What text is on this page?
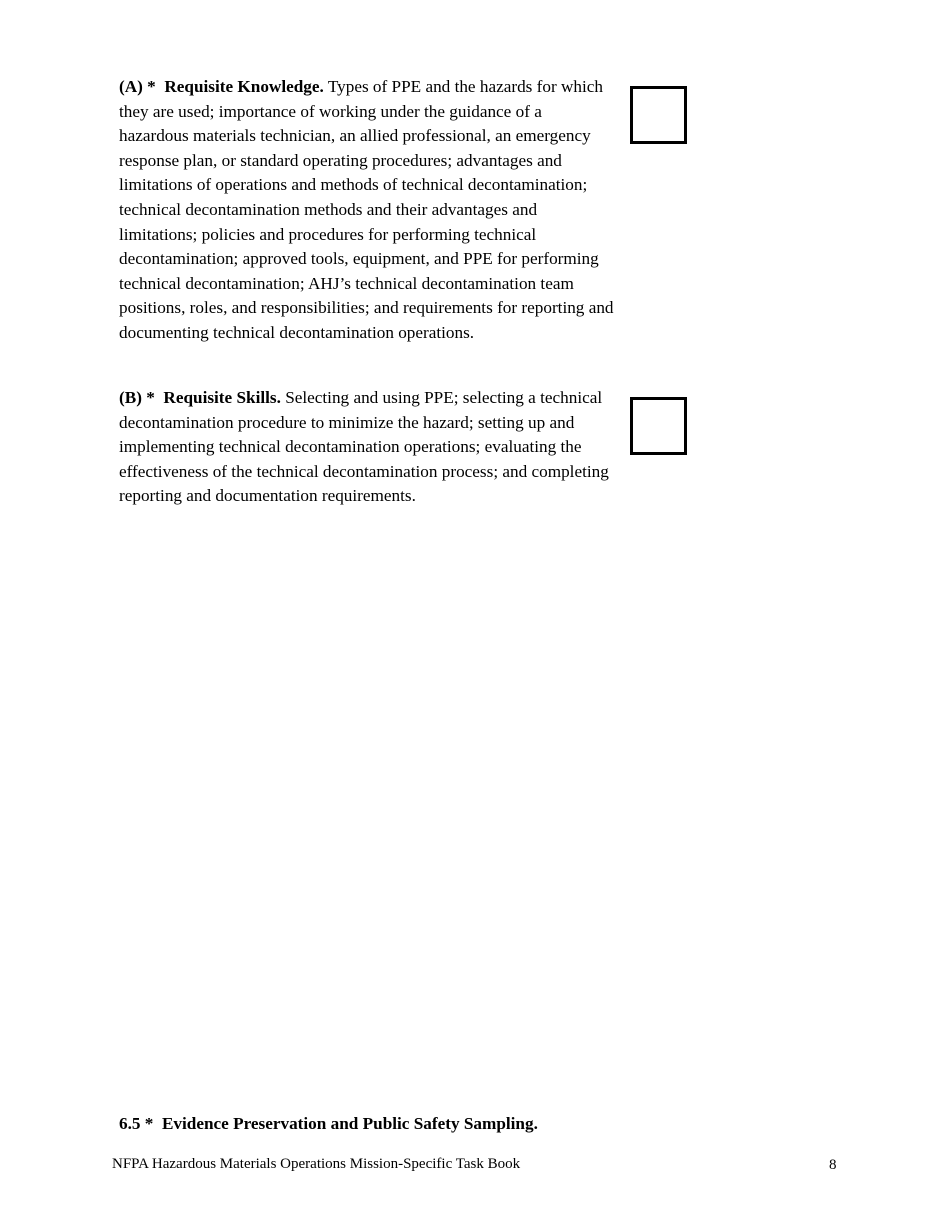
(A) * Requisite Knowledge. Types of PPE and the hazards for which they are used; importance of working under the guidance of a hazardous materials technician, an allied professional, an emergency response plan, or standard operating procedures; advantages and limitations of operations and methods of technical decontamination; technical decontamination methods and their advantages and limitations; policies and procedures for performing technical decontamination; approved tools, equipment, and PPE for performing technical decontamination; AHJ’s technical decontamination team positions, roles, and responsibilities; and requirements for reporting and documenting technical decontamination operations.

(B) * Requisite Skills. Selecting and using PPE; selecting a technical decontamination procedure to minimize the hazard; setting up and implementing technical decontamination operations; evaluating the effectiveness of the technical decontamination process; and completing reporting and documentation requirements.

6.5 *  Evidence Preservation and Public Safety Sampling.

NFPA Hazardous Materials Operations Mission-Specific Task Book	8
